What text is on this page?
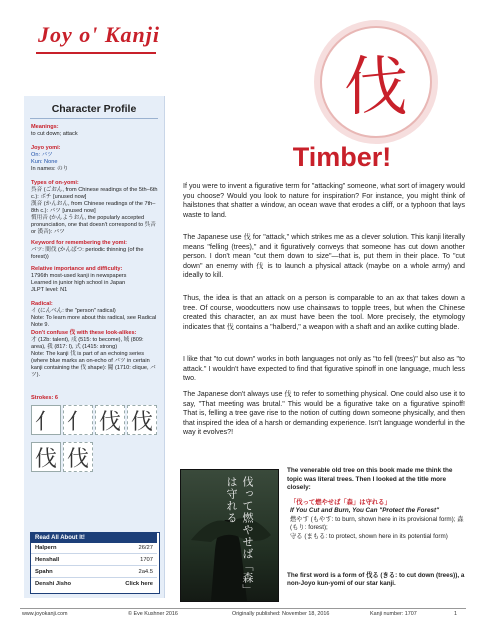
Joy o' Kanji
伐
Character Profile
Meanings:
to cut down; attack
Joyo yomi:
On: バツ
Kun: None
In names: のり
Types of on-yomi:
呉音 (ごおん, from Chinese readings of the 5th–6th c.): ボチ [unused now]
漢音 (かんおん, from Chinese readings of the 7th–8th c.): バツ [unused now]
慣用音 (かんようおん, the popularly accepted pronunciation, one that doesn't correspond to 呉音 or 漢音): バツ
Keyword for remembering the yomi:
バツ: 間伐 (かんばつ: periodic thinning (of the forest))
Relative importance and difficulty:
1796th most-used kanji in newspapers
Learned in junior high school in Japan
JLPT level: N1
Radical:
イ (にんべん: the "person" radical)
Note: To learn more about this radical, see Radical Note 9.
Don't confuse 伐 with these look-alikes:
才 (12b: talent), 戌 (515: to become), 域 (809: area), 我 (817: I), 式 (1415: strong)
Note: The kanji 伐 is part of an echoing series (where blue marks an on-echo of バツ in certain kanji containing the 伐 shape): 閥 (1710: clique, バツ).
Strokes: 6
亻 亻 伐 伐
伐 伐
Read All About It!
Halpern	26/27
Henshall	1707
Spahn	2a4.5
Denshi Jisho	Click here
Timber!
If you were to invent a figurative term for "attacking" someone, what sort of imagery would you choose? Would you look to nature for inspiration? For instance, you might think of hailstones that shatter a window, an ocean wave that erodes a cliff, or a typhoon that lays waste to land.
The Japanese use 伐 for "attack," which strikes me as a clever solution. This kanji literally means "felling (trees)," and it figuratively conveys that someone has cut down another person. I don't mean "cut them down to size"—that is, put them in their place. To "cut down" an enemy with 伐 is to launch a physical attack (maybe on a whole army) and ideally to kill.
Thus, the idea is that an attack on a person is comparable to an ax that takes down a tree. Of course, woodcutters now use chainsaws to topple trees, but when the Chinese created this character, an ax must have been the tool. More precisely, the etymology indicates that 伐 contains a "halberd," a weapon with a shaft and an axlike cutting blade.
I like that "to cut down" works in both languages not only as "to fell (trees)" but also as "to attack." I wouldn't have expected to find that figurative spinoff in one language, much less two.
The Japanese don't always use 伐 to refer to something physical. One could also use it to say, "That meeting was brutal." This would be a figurative take on a figurative spinoff! That is, felling a tree gave rise to the notion of cutting down someone physically, and then that inspired the idea of a harsh or demanding experience. Isn't language wonderful in the way it evolves?!
伐って燃やせば「森」は守れる
The venerable old tree on this book made me think the topic was literal trees. Then I looked at the title more closely:
「伐って燃やせば「森」は守れる」
If You Cut and Burn, You Can "Protect the Forest"
燃やす (もやす: to burn, shown here in its provisional form); 森 (もり: forest);
守る (まもる: to protect, shown here in its potential form)
The first word is a form of 伐る (きる: to cut down (trees)), a non-Joyo kun-yomi of our star kanji.
www.joyokanji.com	© Eve Kushner 2016	Originally published: November 18, 2016	Kanji number: 1707	1
